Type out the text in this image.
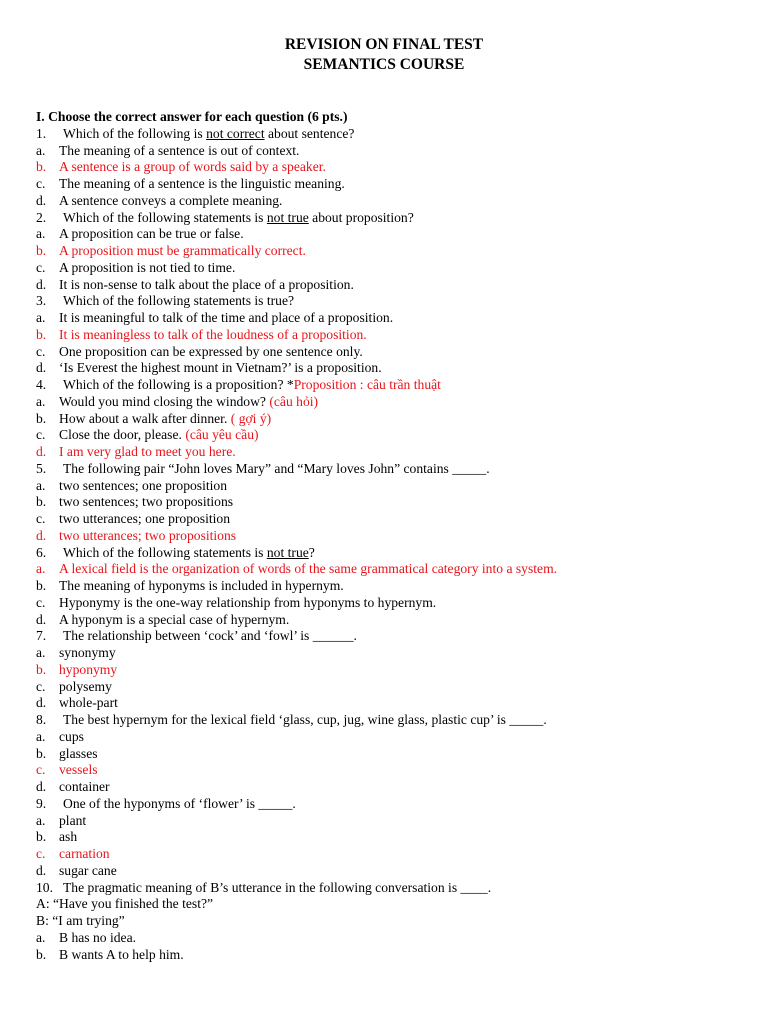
REVISION ON FINAL TEST
SEMANTICS COURSE
I. Choose the correct answer for each question (6 pts.)
1. Which of the following is not correct about sentence?
a. The meaning of a sentence is out of context.
b. A sentence is a group of words said by a speaker.
c. The meaning of a sentence is the linguistic meaning.
d. A sentence conveys a complete meaning.
2. Which of the following statements is not true about proposition?
a. A proposition can be true or false.
b. A proposition must be grammatically correct.
c. A proposition is not tied to time.
d. It is non-sense to talk about the place of a proposition.
3. Which of the following statements is true?
a. It is meaningful to talk of the time and place of a proposition.
b. It is meaningless to talk of the loudness of a proposition.
c. One proposition can be expressed by one sentence only.
d. ‘Is Everest the highest mount in Vietnam?’ is a proposition.
4. Which of the following is a proposition? *Proposition : câu trần thuật
a. Would you mind closing the window? (câu hỏi)
b. How about a walk after dinner. ( gợi ý)
c. Close the door, please. (câu yêu cầu)
d. I am very glad to meet you here.
5. The following pair “John loves Mary” and “Mary loves John” contains _____.
a. two sentences; one proposition
b. two sentences; two propositions
c. two utterances; one proposition
d. two utterances; two propositions
6. Which of the following statements is not true?
a. A lexical field is the organization of words of the same grammatical category into a system.
b. The meaning of hyponyms is included in hypernym.
c. Hyponymy is the one-way relationship from hyponyms to hypernym.
d. A hyponym is a special case of hypernym.
7. The relationship between ‘cock’ and ‘fowl’ is ______.
a. synonymy
b. hyponymy
c. polysemy
d. whole-part
8. The best hypernym for the lexical field ‘glass, cup, jug, wine glass, plastic cup’ is _____.
a. cups
b. glasses
c. vessels
d. container
9. One of the hyponyms of ‘flower’ is _____.
a. plant
b. ash
c. carnation
d. sugar cane
10. The pragmatic meaning of B’s utterance in the following conversation is ____.
A: “Have you finished the test?”
B: “I am trying”
a. B has no idea.
b. B wants A to help him.
